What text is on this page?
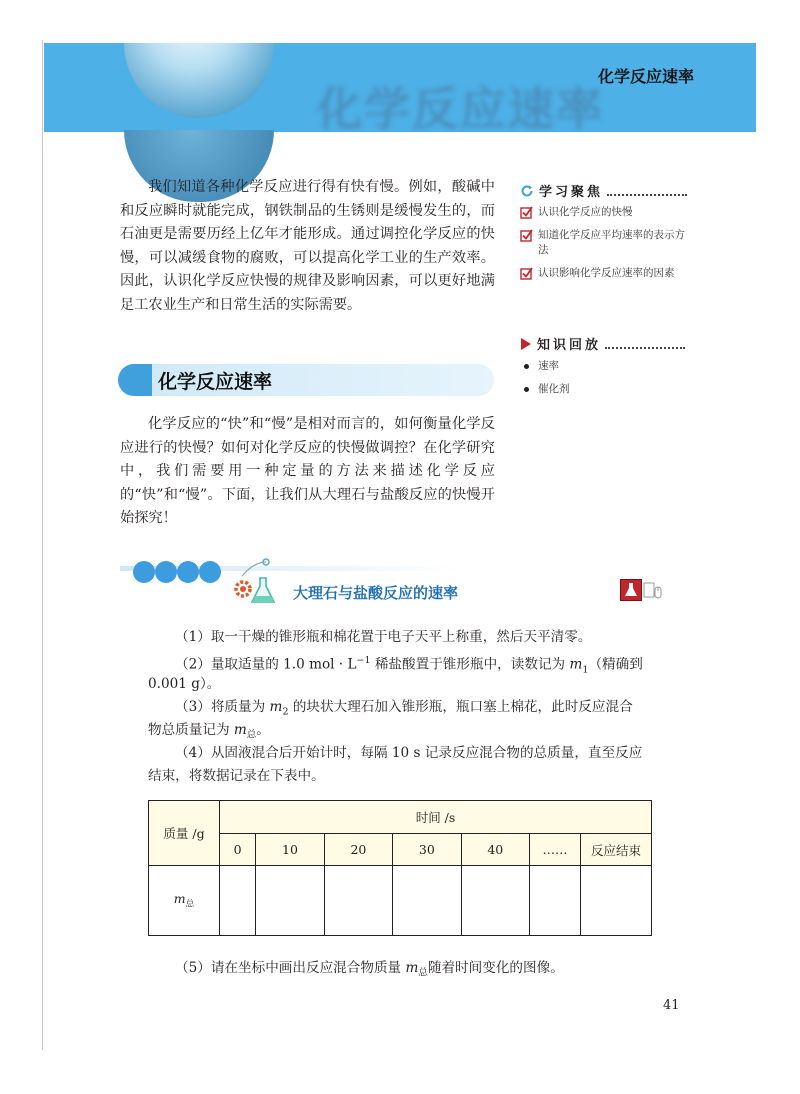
化学反应速率
化学反应速率

我们知道各种化学反应进行得有快有慢。例如，酸碱中和反应瞬时就能完成，钢铁制品的生锈则是缓慢发生的，而石油更是需要历经上亿年才能形成。通过调控化学反应的快慢，可以减缓食物的腐败，可以提高化学工业的生产效率。因此，认识化学反应快慢的规律及影响因素，可以更好地满足工农业生产和日常生活的实际需要。

学习聚焦
认识化学反应的快慢
知道化学反应平均速率的表示方法
认识影响化学反应速率的因素
知识回放
速率
催化剂
化学反应速率

化学反应的“快”和“慢”是相对而言的，如何衡量化学反应进行的快慢？如何对化学反应的快慢做调控？在化学研究中，我们需要用一种定量的方法来描述化学反应的“快”和“慢”。下面，让我们从大理石与盐酸反应的快慢开始探究！

大理石与盐酸反应的速率

（1）取一干燥的锥形瓶和棉花置于电子天平上称重，然后天平清零。

（2）量取适量的 1.0 mol · $L^{-1}$ 稀盐酸置于锥形瓶中，读数记为 $m_1$（精确到

0.001 g）。

（3）将质量为 $m_2$ 的块状大理石加入锥形瓶，瓶口塞上棉花，此时反应混合

物总质量记为 $m_总$。

（4）从固液混合后开始计时，每隔 10 s 记录反应混合物的总质量，直至反应

结束，将数据记录在下表中。

质量 /g	时间 /s						
	0	10	20	30	40	……	反应结束
$m_总$							

（5）请在坐标中画出反应混合物质量 $m_总$随着时间变化的图像。

41
